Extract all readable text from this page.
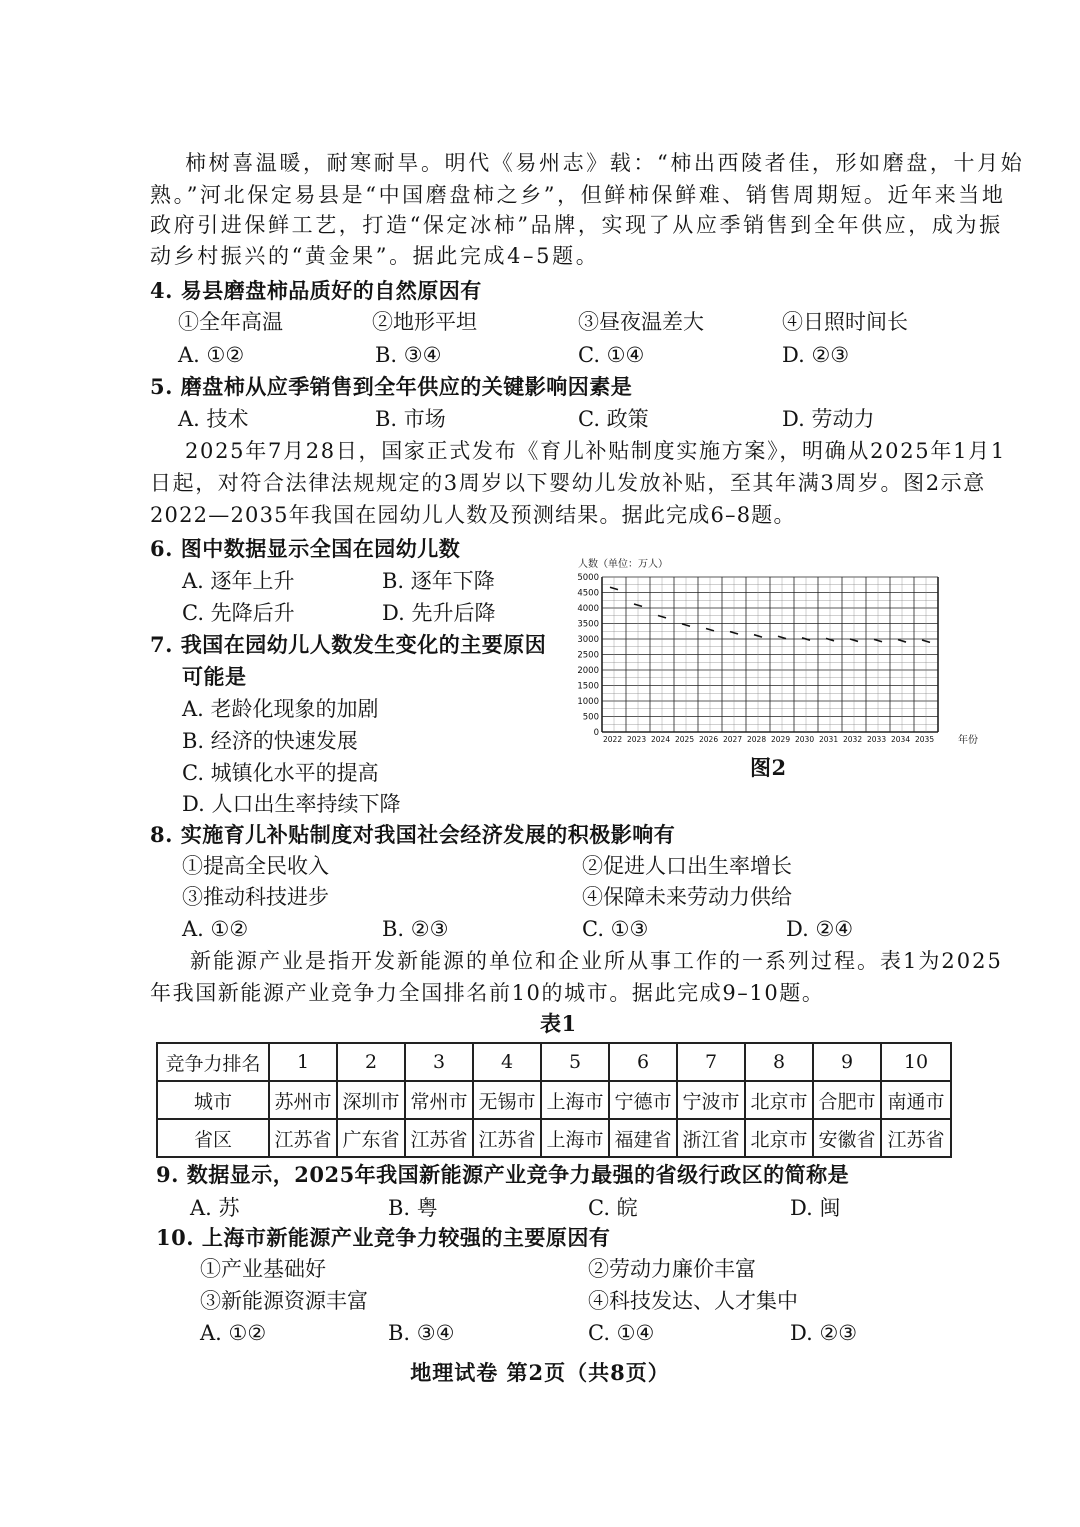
柿树喜温暖，耐寒耐旱。明代《易州志》载：“柿出西陵者佳，形如磨盘，十月始
熟。”河北保定易县是“中国磨盘柿之乡”，但鲜柿保鲜难、销售周期短。近年来当地
政府引进保鲜工艺，打造“保定冰柿”品牌，实现了从应季销售到全年供应，成为振
动乡村振兴的“黄金果”。据此完成4–5题。
4. 易县磨盘柿品质好的自然原因有
①全年高温	②地形平坦	③昼夜温差大	④日照时间长
A. ①②	B. ③④	C. ①④	D. ②③
5. 磨盘柿从应季销售到全年供应的关键影响因素是
A. 技术	B. 市场	C. 政策	D. 劳动力
2025年7月28日，国家正式发布《育儿补贴制度实施方案》，明确从2025年1月1
日起，对符合法律法规规定的3周岁以下婴幼儿发放补贴，至其年满3周岁。图2示意
2022—2035年我国在园幼儿人数及预测结果。据此完成6–8题。
6. 图中数据显示全国在园幼儿数
A. 逐年上升	B. 逐年下降
C. 先降后升	D. 先升后降
7. 我国在园幼儿人数发生变化的主要原因
可能是
A. 老龄化现象的加剧
B. 经济的快速发展
C. 城镇化水平的提高
D. 人口出生率持续下降
人数（单位：万人）
0
500
1000
1500
2000
2500
3000
3500
4000
4500
5000
2022 2023 2024 2025 2026 2027 2028 2029 2030 2031 2032 2033 2034 2035 年份
图2
8. 实施育儿补贴制度对我国社会经济发展的积极影响有
①提高全民收入	②促进人口出生率增长
③推动科技进步	④保障未来劳动力供给
A. ①②	B. ②③	C. ①③	D. ②④
新能源产业是指开发新能源的单位和企业所从事工作的一系列过程。表1为2025
年我国新能源产业竞争力全国排名前10的城市。据此完成9–10题。
表1
竞争力排名	1	2	3	4	5	6	7	8	9	10
城市	苏州市	深圳市	常州市	无锡市	上海市	宁德市	宁波市	北京市	合肥市	南通市
省区	江苏省	广东省	江苏省	江苏省	上海市	福建省	浙江省	北京市	安徽省	江苏省
9. 数据显示，2025年我国新能源产业竞争力最强的省级行政区的简称是
A. 苏	B. 粤	C. 皖	D. 闽
10. 上海市新能源产业竞争力较强的主要原因有
①产业基础好	②劳动力廉价丰富
③新能源资源丰富	④科技发达、人才集中
A. ①②	B. ③④	C. ①④	D. ②③
地理试卷 第2页（共8页）
